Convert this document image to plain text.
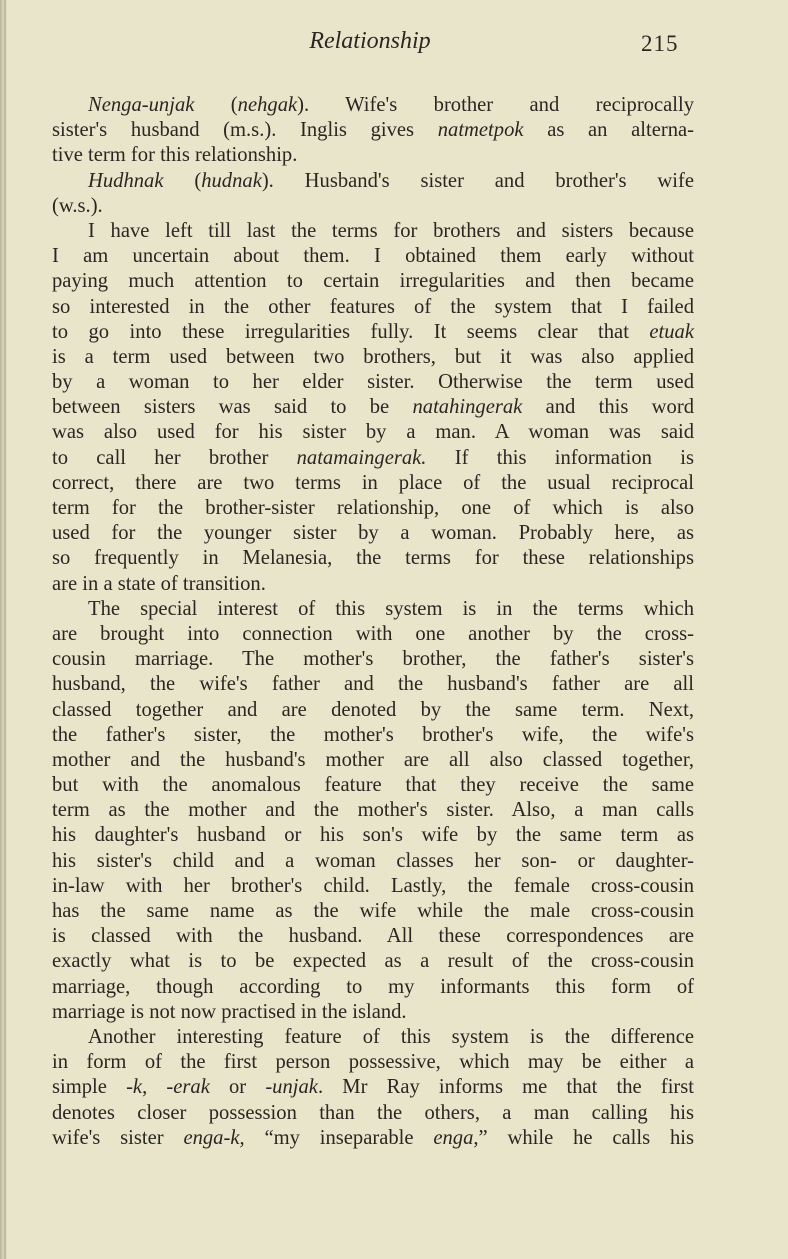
Relationship	215
Nenga-unjak (nehgak). Wife's brother and reciprocally
sister's husband (m.s.). Inglis gives natmetpok as an alterna-
tive term for this relationship.
Hudhnak (hudnak). Husband's sister and brother's wife
(w.s.).
I have left till last the terms for brothers and sisters because
I am uncertain about them. I obtained them early without
paying much attention to certain irregularities and then became
so interested in the other features of the system that I failed
to go into these irregularities fully. It seems clear that etuak
is a term used between two brothers, but it was also applied
by a woman to her elder sister. Otherwise the term used
between sisters was said to be natahingerak and this word
was also used for his sister by a man. A woman was said
to call her brother natamaingerak. If this information is
correct, there are two terms in place of the usual reciprocal
term for the brother-sister relationship, one of which is also
used for the younger sister by a woman. Probably here, as
so frequently in Melanesia, the terms for these relationships
are in a state of transition.
The special interest of this system is in the terms which
are brought into connection with one another by the cross-
cousin marriage. The mother's brother, the father's sister's
husband, the wife's father and the husband's father are all
classed together and are denoted by the same term. Next,
the father's sister, the mother's brother's wife, the wife's
mother and the husband's mother are all also classed together,
but with the anomalous feature that they receive the same
term as the mother and the mother's sister. Also, a man calls
his daughter's husband or his son's wife by the same term as
his sister's child and a woman classes her son- or daughter-
in-law with her brother's child. Lastly, the female cross-cousin
has the same name as the wife while the male cross-cousin
is classed with the husband. All these correspondences are
exactly what is to be expected as a result of the cross-cousin
marriage, though according to my informants this form of
marriage is not now practised in the island.
Another interesting feature of this system is the difference
in form of the first person possessive, which may be either a
simple -k, -erak or -unjak. Mr Ray informs me that the first
denotes closer possession than the others, a man calling his
wife's sister enga-k, “my inseparable enga,” while he calls his
